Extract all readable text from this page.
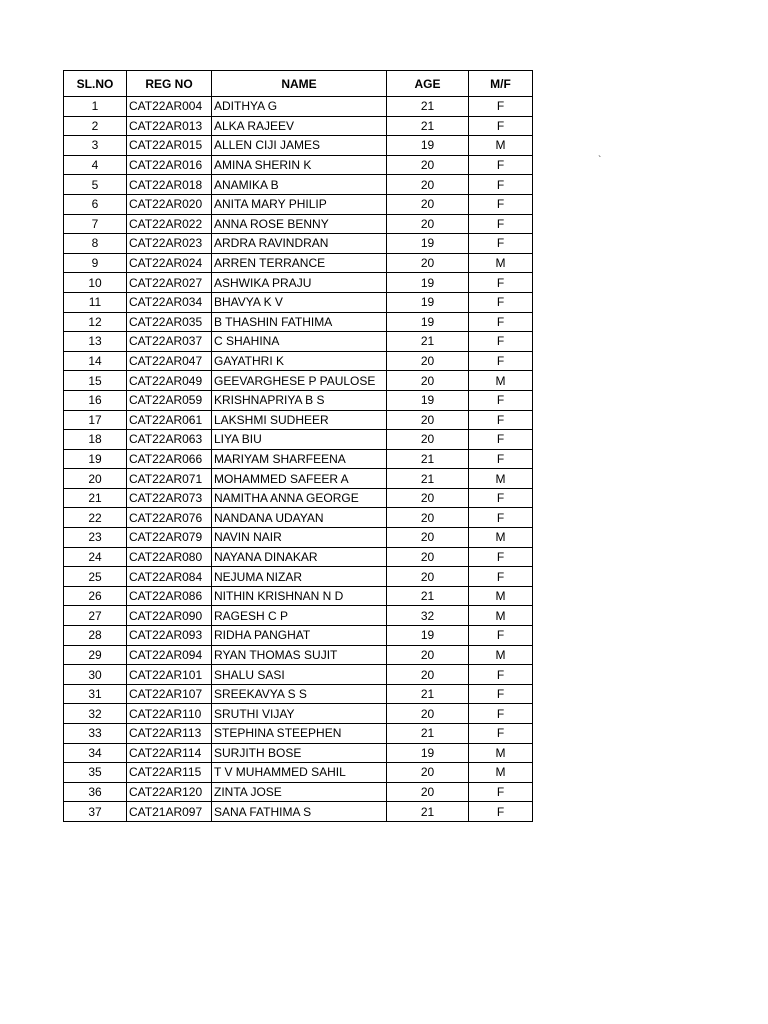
SL.NO	REG NO	NAME	AGE	M/F
1	CAT22AR004	ADITHYA G	21	F
2	CAT22AR013	ALKA RAJEEV	21	F
3	CAT22AR015	ALLEN CIJI JAMES	19	M
4	CAT22AR016	AMINA SHERIN K	20	F
5	CAT22AR018	ANAMIKA B	20	F
6	CAT22AR020	ANITA MARY PHILIP	20	F
7	CAT22AR022	ANNA ROSE BENNY	20	F
8	CAT22AR023	ARDRA RAVINDRAN	19	F
9	CAT22AR024	ARREN TERRANCE	20	M
10	CAT22AR027	ASHWIKA PRAJU	19	F
11	CAT22AR034	BHAVYA K V	19	F
12	CAT22AR035	B THASHIN FATHIMA	19	F
13	CAT22AR037	C SHAHINA	21	F
14	CAT22AR047	GAYATHRI K	20	F
15	CAT22AR049	GEEVARGHESE P PAULOSE	20	M
16	CAT22AR059	KRISHNAPRIYA B S	19	F
17	CAT22AR061	LAKSHMI SUDHEER	20	F
18	CAT22AR063	LIYA BIU	20	F
19	CAT22AR066	MARIYAM SHARFEENA	21	F
20	CAT22AR071	MOHAMMED SAFEER A	21	M
21	CAT22AR073	NAMITHA ANNA GEORGE	20	F
22	CAT22AR076	NANDANA UDAYAN	20	F
23	CAT22AR079	NAVIN NAIR	20	M
24	CAT22AR080	NAYANA DINAKAR	20	F
25	CAT22AR084	NEJUMA NIZAR	20	F
26	CAT22AR086	NITHIN KRISHNAN N D	21	M
27	CAT22AR090	RAGESH C P	32	M
28	CAT22AR093	RIDHA PANGHAT	19	F
29	CAT22AR094	RYAN THOMAS SUJIT	20	M
30	CAT22AR101	SHALU SASI	20	F
31	CAT22AR107	SREEKAVYA S S	21	F
32	CAT22AR110	SRUTHI VIJAY	20	F
33	CAT22AR113	STEPHINA STEEPHEN	21	F
34	CAT22AR114	SURJITH BOSE	19	M
35	CAT22AR115	T V MUHAMMED SAHIL	20	M
36	CAT22AR120	ZINTA JOSE	20	F
37	CAT21AR097	SANA FATHIMA S	21	F
`
